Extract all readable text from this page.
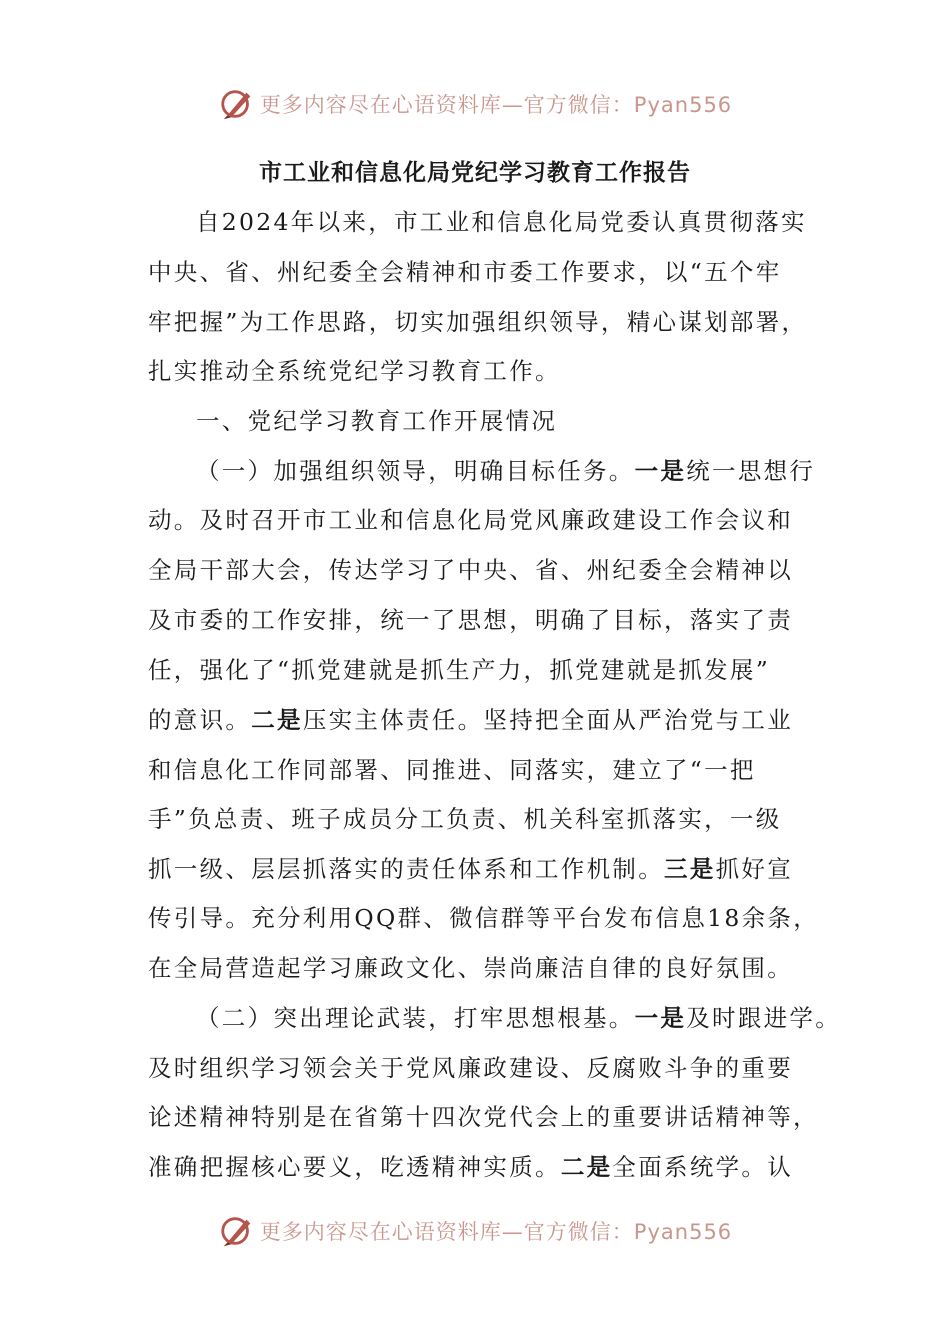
更多内容尽在心语资料库—官方微信：Pyan556
市工业和信息化局党纪学习教育工作报告
自2024年以来，市工业和信息化局党委认真贯彻落实
中央、省、州纪委全会精神和市委工作要求，以“五个牢
牢把握”为工作思路，切实加强组织领导，精心谋划部署，
扎实推动全系统党纪学习教育工作。
一、党纪学习教育工作开展情况
（一）加强组织领导，明确目标任务。一是统一思想行
动。及时召开市工业和信息化局党风廉政建设工作会议和
全局干部大会，传达学习了中央、省、州纪委全会精神以
及市委的工作安排，统一了思想，明确了目标，落实了责
任，强化了“抓党建就是抓生产力，抓党建就是抓发展”
的意识。二是压实主体责任。坚持把全面从严治党与工业
和信息化工作同部署、同推进、同落实，建立了“一把
手”负总责、班子成员分工负责、机关科室抓落实，一级
抓一级、层层抓落实的责任体系和工作机制。三是抓好宣
传引导。充分利用QQ群、微信群等平台发布信息18余条，
在全局营造起学习廉政文化、崇尚廉洁自律的良好氛围。
（二）突出理论武装，打牢思想根基。一是及时跟进学。
及时组织学习领会关于党风廉政建设、反腐败斗争的重要
论述精神特别是在省第十四次党代会上的重要讲话精神等，
准确把握核心要义，吃透精神实质。二是全面系统学。认
更多内容尽在心语资料库—官方微信：Pyan556
